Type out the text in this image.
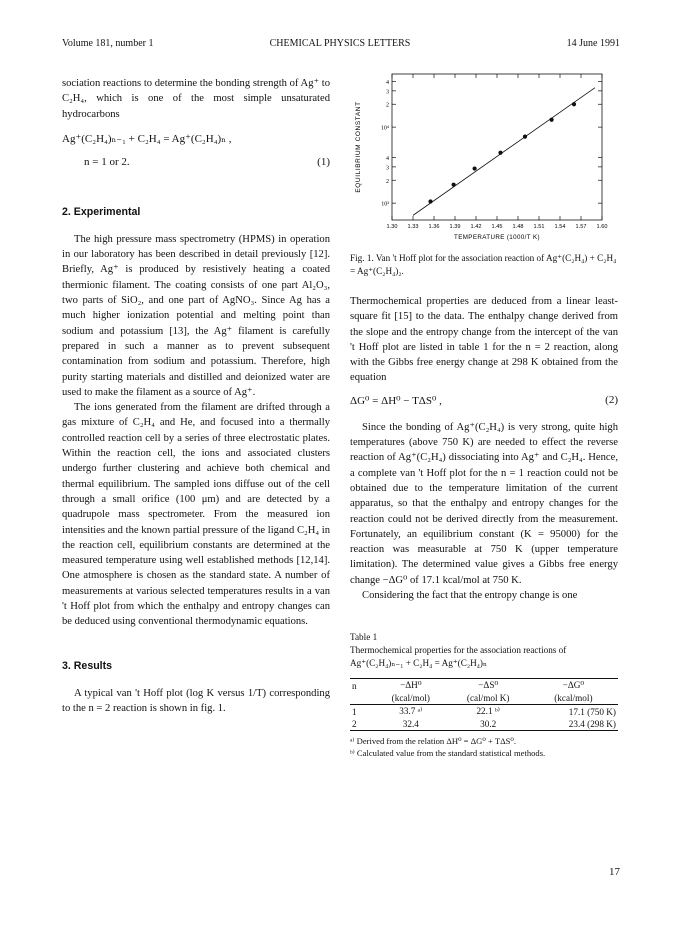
Volume 181, number 1	CHEMICAL PHYSICS LETTERS	14 June 1991

sociation reactions to determine the bonding strength of Ag⁺ to C₂H₄, which is one of the most simple unsaturated hydrocarbons

Ag⁺(C₂H₄)ₙ₋₁ + C₂H₄ = Ag⁺(C₂H₄)ₙ ,
n = 1 or 2.	(1)

2. Experimental

The high pressure mass spectrometry (HPMS) in operation in our laboratory has been described in detail previously [12]. Briefly, Ag⁺ is produced by resistively heating a coated thermionic filament. The coating consists of one part Al₂O₃, two parts of SiO₂, and one part of AgNO₃. Since Ag has a much higher ionization potential and melting point than sodium and potassium [13], the Ag⁺ filament is carefully prepared in such a manner as to prevent subsequent contamination from sodium and potassium. Therefore, high purity starting materials and distilled and deionized water are used to make the filament as a source of Ag⁺.

The ions generated from the filament are drifted through a gas mixture of C₂H₄ and He, and focused into a thermally controlled reaction cell by a series of three electrostatic plates. Within the reaction cell, the ions and associated clusters undergo further clustering and achieve both chemical and thermal equilibrium. The sampled ions diffuse out of the cell through a small orifice (100 μm) and are detected by a quadrupole mass spectrometer. From the measured ion intensities and the known partial pressure of the ligand C₂H₄ in the reaction cell, equilibrium constants are determined at the measured temperature using well established methods [12,14]. One atmosphere is chosen as the standard state. A number of measurements at various selected temperatures results in a van 't Hoff plot from which the enthalpy and entropy changes can be deduced using conventional thermodynamic equations.

3. Results

A typical van 't Hoff plot (log K versus 1/T) corresponding to the n = 2 reaction is shown in fig. 1.

10³
2
3
4
10⁴
2
3
4
1.30 1.33 1.36 1.39 1.42 1.45 1.48 1.51 1.54 1.57 1.60
EQUILIBRIUM CONSTANT
TEMPERATURE (1000/T K)

Fig. 1. Van 't Hoff plot for the association reaction of Ag⁺(C₂H₄) + C₂H₄ = Ag⁺(C₂H₄)₂.

Thermochemical properties are deduced from a linear least-square fit [15] to the data. The enthalpy change derived from the slope and the entropy change from the intercept of the van 't Hoff plot are listed in table 1 for the n = 2 reaction, along with the Gibbs free energy change at 298 K obtained from the equation

ΔG⁰ = ΔH⁰ − TΔS⁰ ,	(2)

Since the bonding of Ag⁺(C₂H₄) is very strong, quite high temperatures (above 750 K) are needed to effect the reverse reaction of Ag⁺(C₂H₄) dissociating into Ag⁺ and C₂H₄. Hence, a complete van 't Hoff plot for the n = 1 reaction could not be obtained due to the temperature limitation of the current apparatus, so that the enthalpy and entropy changes for the reaction could not be derived directly from the measurement. Fortunately, an equilibrium constant (K = 95000) for the reaction was measurable at 750 K (upper temperature limitation). The determined value gives a Gibbs free energy change −ΔG⁰ of 17.1 kcal/mol at 750 K.

Considering the fact that the entropy change is one

Table 1

Thermochemical properties for the association reactions of Ag⁺(C₂H₄)ₙ₋₁ + C₂H₄ = Ag⁺(C₂H₄)ₙ

n	−ΔH⁰	−ΔS⁰	−ΔG⁰
	(kcal/mol)	(cal/mol K)	(kcal/mol)
1	33.7 ᵃ⁾	22.1 ᵇ⁾	17.1 (750 K)
2	32.4	30.2	23.4 (298 K)

ᵃ⁾ Derived from the relation ΔH⁰ = ΔG⁰ + TΔS⁰.

ᵇ⁾ Calculated value from the standard statistical methods.

17
